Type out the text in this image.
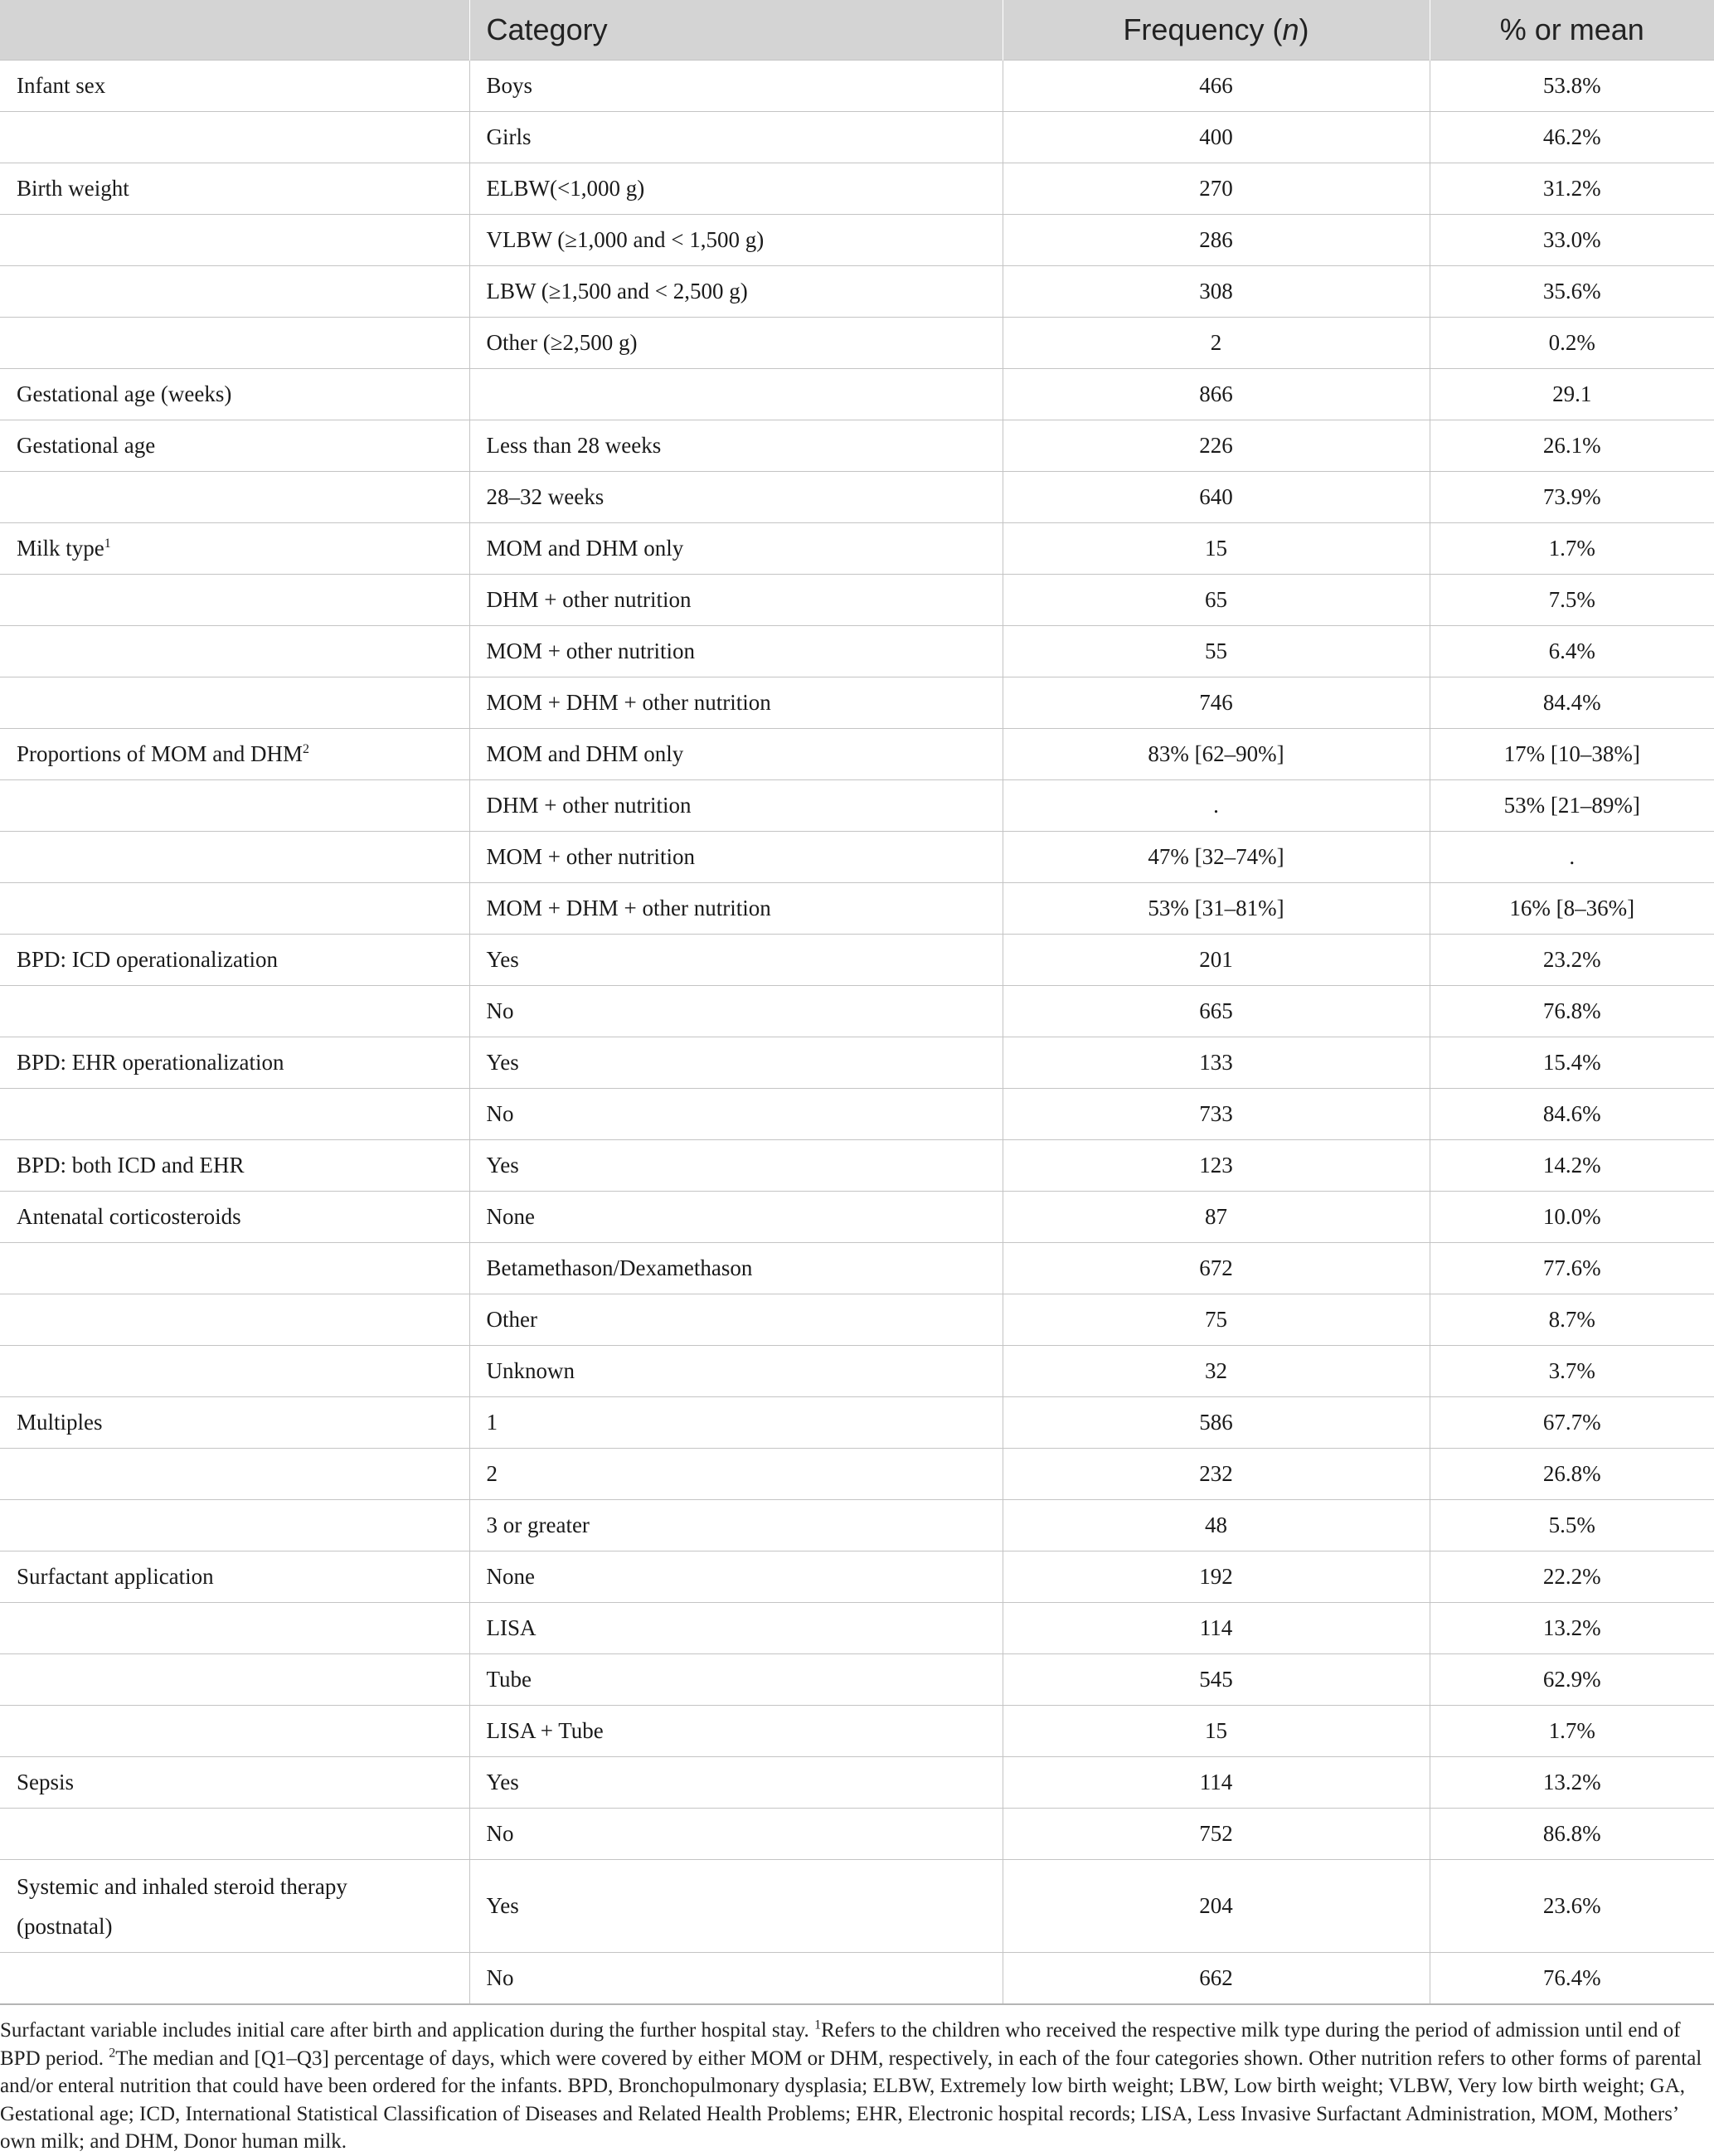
	Category	Frequency (n)	% or mean
Infant sex	Boys	466	53.8%
	Girls	400	46.2%
Birth weight	ELBW(<1,000 g)	270	31.2%
	VLBW (≥1,000 and < 1,500 g)	286	33.0%
	LBW (≥1,500 and < 2,500 g)	308	35.6%
	Other (≥2,500 g)	2	0.2%
Gestational age (weeks)		866	29.1
Gestational age	Less than 28 weeks	226	26.1%
	28–32 weeks	640	73.9%
Milk type$^1$	MOM and DHM only	15	1.7%
	DHM + other nutrition	65	7.5%
	MOM + other nutrition	55	6.4%
	MOM + DHM + other nutrition	746	84.4%
Proportions of MOM and DHM$^2$	MOM and DHM only	83% [62–90%]	17% [10–38%]
	DHM + other nutrition	.	53% [21–89%]
	MOM + other nutrition	47% [32–74%]	.
	MOM + DHM + other nutrition	53% [31–81%]	16% [8–36%]
BPD: ICD operationalization	Yes	201	23.2%
	No	665	76.8%
BPD: EHR operationalization	Yes	133	15.4%
	No	733	84.6%
BPD: both ICD and EHR	Yes	123	14.2%
Antenatal corticosteroids	None	87	10.0%
	Betamethason/Dexamethason	672	77.6%
	Other	75	8.7%
	Unknown	32	3.7%
Multiples	1	586	67.7%
	2	232	26.8%
	3 or greater	48	5.5%
Surfactant application	None	192	22.2%
	LISA	114	13.2%
	Tube	545	62.9%
	LISA + Tube	15	1.7%
Sepsis	Yes	114	13.2%
	No	752	86.8%

Systemic and inhaled steroid therapy
(postnatal)	Yes	204	23.6%
	No	662	76.4%

Surfactant variable includes initial care after birth and application during the further hospital stay. $^1$Refers to the children who received the respective milk type during the period of admission until end of BPD period. $^2$The median and [Q1–Q3] percentage of days, which were covered by either MOM or DHM, respectively, in each of the four categories shown. Other nutrition refers to other forms of parental and/or enteral nutrition that could have been ordered for the infants. BPD, Bronchopulmonary dysplasia; ELBW, Extremely low birth weight; LBW, Low birth weight; VLBW, Very low birth weight; GA, Gestational age; ICD, International Statistical Classification of Diseases and Related Health Problems; EHR, Electronic hospital records; LISA, Less Invasive Surfactant Administration, MOM, Mothers’ own milk; and DHM, Donor human milk.
